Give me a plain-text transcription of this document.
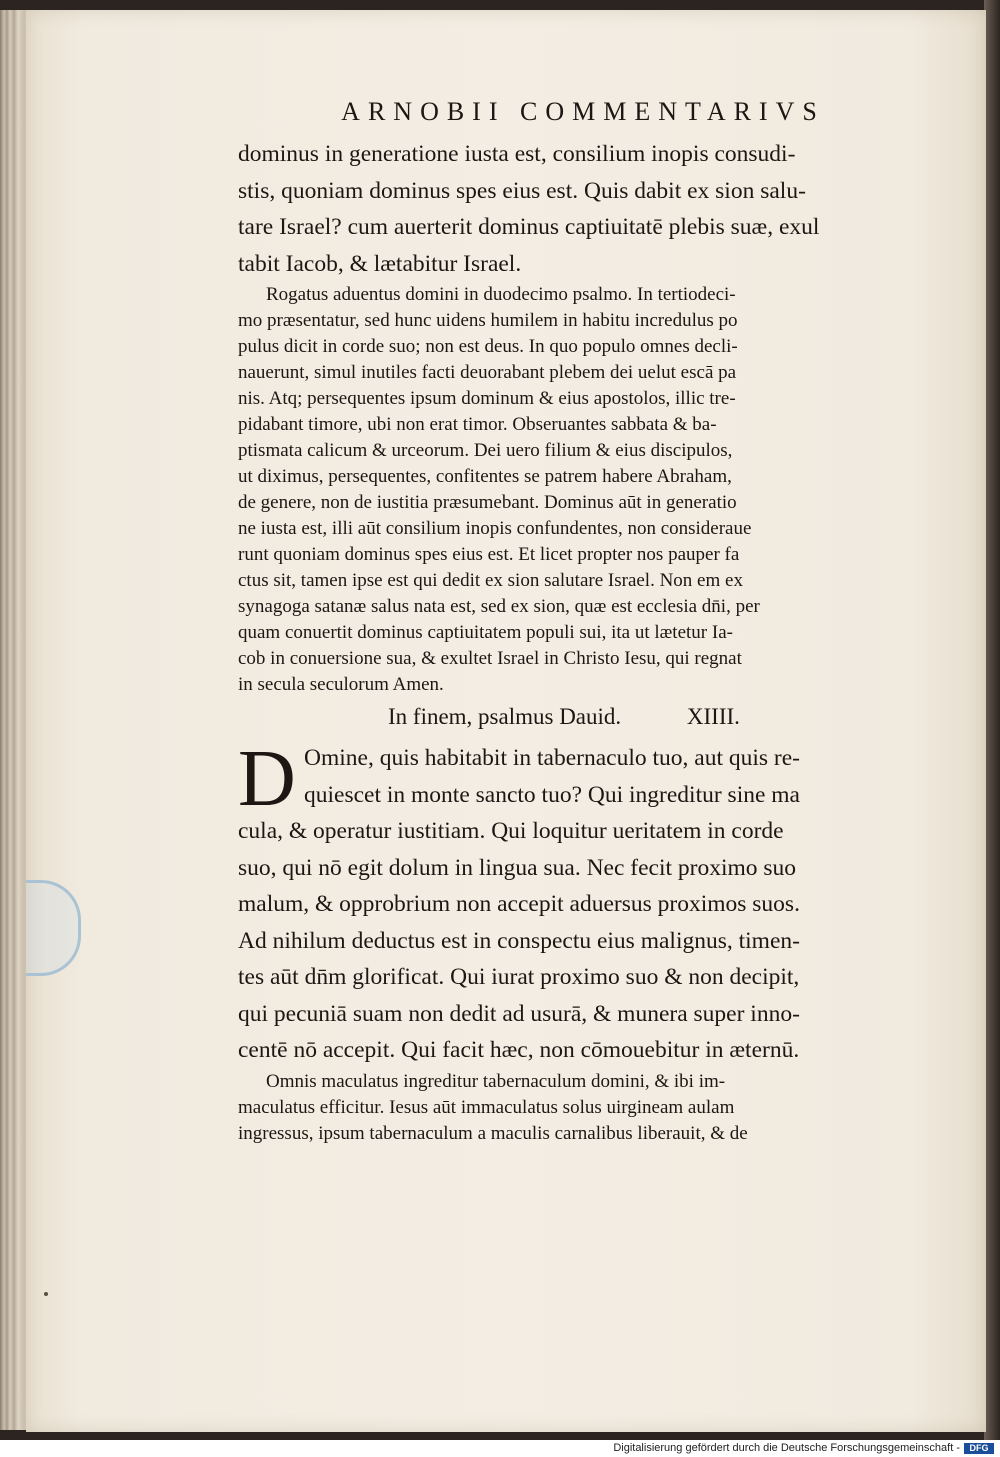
ARNOBII COMMENTARIVS
dominus in generatione iusta est, consilium inopis consudi-
stis, quoniam dominus spes eius est. Quis dabit ex sion salu-
tare Israel? cum auerterit dominus captiuitatē plebis suæ, exul
tabit Iacob, & lætabitur Israel.
Rogatus aduentus domini in duodecimo psalmo. In tertiodeci-
mo præsentatur, sed hunc uidens humilem in habitu incredulus po
pulus dicit in corde suo; non est deus. In quo populo omnes decli-
nauerunt, simul inutiles facti deuorabant plebem dei uelut escā pa
nis. Atq; persequentes ipsum dominum & eius apostolos, illic tre-
pidabant timore, ubi non erat timor. Obseruantes sabbata & ba-
ptismata calicum & urceorum. Dei uero filium & eius discipulos,
ut diximus, persequentes, confitentes se patrem habere Abraham,
de genere, non de iustitia præsumebant. Dominus aūt in generatio
ne iusta est, illi aūt consilium inopis confundentes, non considerauе
runt quoniam dominus spes eius est. Et licet propter nos pauper fa
ctus sit, tamen ipse est qui dedit ex sion salutare Israel. Non em ex
synagoga satanæ salus nata est, sed ex sion, quæ est ecclesia dn̄i, per
quam conuertit dominus captiuitatem populi sui, ita ut lætetur Ia-
cob in conuersione sua, & exultet Israel in Christo Iesu, qui regnat
in secula seculorum Amen.
In finem, psalmus Dauid.	XIIII.
D Omine, quis habitabit in tabernaculo tuo, aut quis re-
quiescet in monte sancto tuo? Qui ingreditur sine ma
cula, & operatur iustitiam. Qui loquitur ueritatem in corde
suo, qui nō egit dolum in lingua sua. Nec fecit proximo suo
malum, & opprobrium non accepit aduersus proximos suos.
Ad nihilum deductus est in conspectu eius malignus, timen-
tes aūt dn̄m glorificat. Qui iurat proximo suo & non decipit,
qui pecuniā suam non dedit ad usurā, & munera super inno-
centē nō accepit. Qui facit hæc, non cōmouebitur in æternū.
Omnis maculatus ingreditur tabernaculum domini, & ibi im-
maculatus efficitur. Iesus aūt immaculatus solus uirgineam aulam
ingressus, ipsum tabernaculum a maculis carnalibus liberauit, & de
Digitalisierung gefördert durch die Deutsche Forschungsgemeinschaft -	DFG
